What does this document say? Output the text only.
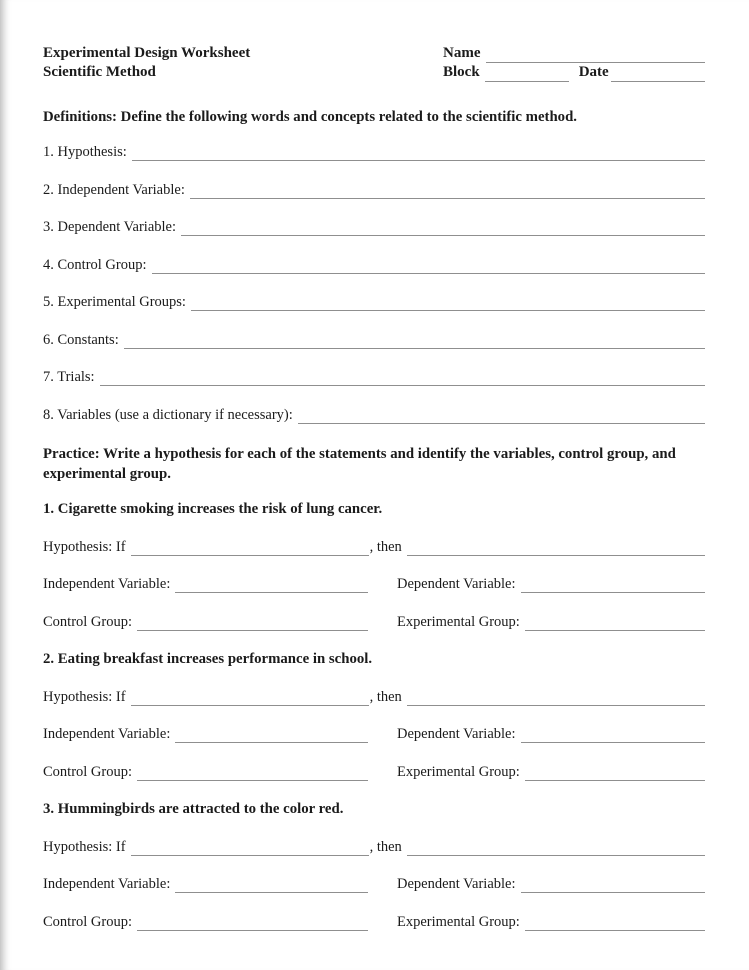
Experimental Design Worksheet
Scientific Method
Name
Block	Date

Definitions: Define the following words and concepts related to the scientific method.

1. Hypothesis:
2. Independent Variable:
3. Dependent Variable:
4. Control Group:
5. Experimental Groups:
6. Constants:
7. Trials:
8. Variables (use a dictionary if necessary):

Practice: Write a hypothesis for each of the statements and identify the variables, control group, and experimental group.

1. Cigarette smoking increases the risk of lung cancer.

Hypothesis: If	, then
Independent Variable:	Dependent Variable:
Control Group:	Experimental Group:

2. Eating breakfast increases performance in school.

Hypothesis: If	, then
Independent Variable:	Dependent Variable:
Control Group:	Experimental Group:

3. Hummingbirds are attracted to the color red.

Hypothesis: If	, then
Independent Variable:	Dependent Variable:
Control Group:	Experimental Group:
